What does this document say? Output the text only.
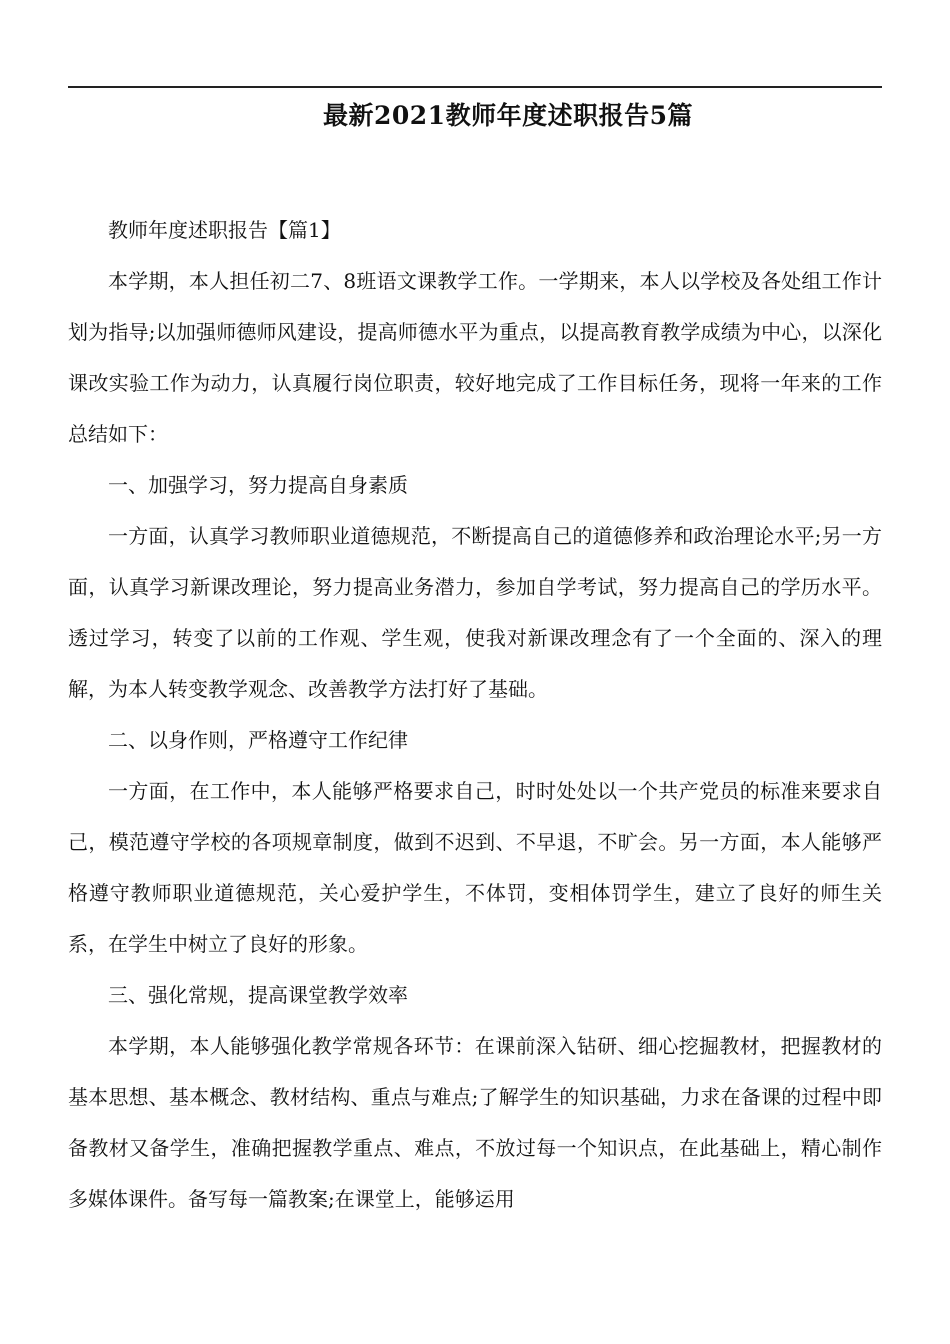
最新2021教师年度述职报告5篇

教师年度述职报告【篇1】

本学期，本人担任初二7、8班语文课教学工作。一学期来，本人以学校及各处组工作计划为指导;以加强师德师风建设，提高师德水平为重点，以提高教育教学成绩为中心，以深化课改实验工作为动力，认真履行岗位职责，较好地完成了工作目标任务，现将一年来的工作总结如下：

一、加强学习，努力提高自身素质

一方面，认真学习教师职业道德规范，不断提高自己的道德修养和政治理论水平;另一方面，认真学习新课改理论，努力提高业务潜力，参加自学考试，努力提高自己的学历水平。透过学习，转变了以前的工作观、学生观，使我对新课改理念有了一个全面的、深入的理解，为本人转变教学观念、改善教学方法打好了基础。

二、以身作则，严格遵守工作纪律

一方面，在工作中，本人能够严格要求自己，时时处处以一个共产党员的标准来要求自己，模范遵守学校的各项规章制度，做到不迟到、不早退，不旷会。另一方面，本人能够严格遵守教师职业道德规范，关心爱护学生，不体罚，变相体罚学生，建立了良好的师生关系，在学生中树立了良好的形象。

三、强化常规，提高课堂教学效率

本学期，本人能够强化教学常规各环节：在课前深入钻研、细心挖掘教材，把握教材的基本思想、基本概念、教材结构、重点与难点;了解学生的知识基础，力求在备课的过程中即备教材又备学生，准确把握教学重点、难点，不放过每一个知识点，在此基础上，精心制作多媒体课件。备写每一篇教案;在课堂上，能够运用
